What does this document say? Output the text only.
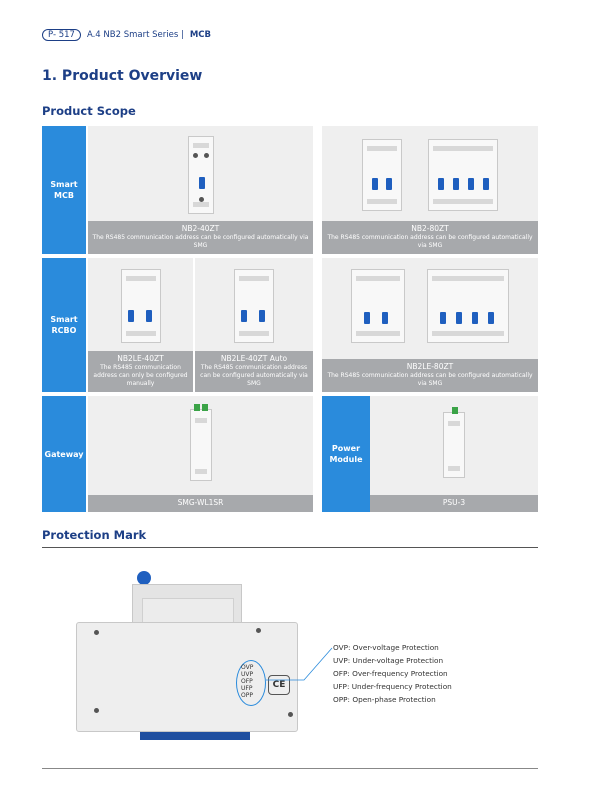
P- 517	A.4 NB2 Smart Series | MCB
1. Product Overview
Product Scope
Smart
MCB
NB2-40ZT
The RS485 communication address can be configured automatically via SMG
NB2-80ZT
The RS485 communication address can be configured automatically via SMG
Smart
RCBO
NB2LE-40ZT
The RS485 communication address can only be configured manually
NB2LE-40ZT Auto
The RS485 communication address can be configured automatically via SMG
NB2LE-80ZT
The RS485 communication address can be configured automatically via SMG
Gateway
SMG-WL1SR
Power
Module
PSU-3
Protection Mark
OVP
UVP
OFP
UFP
OPP
CE
OVP: Over-voltage Protection
UVP: Under-voltage Protection
OFP: Over-frequency Protection
UFP: Under-frequency Protection
OPP: Open-phase Protection
